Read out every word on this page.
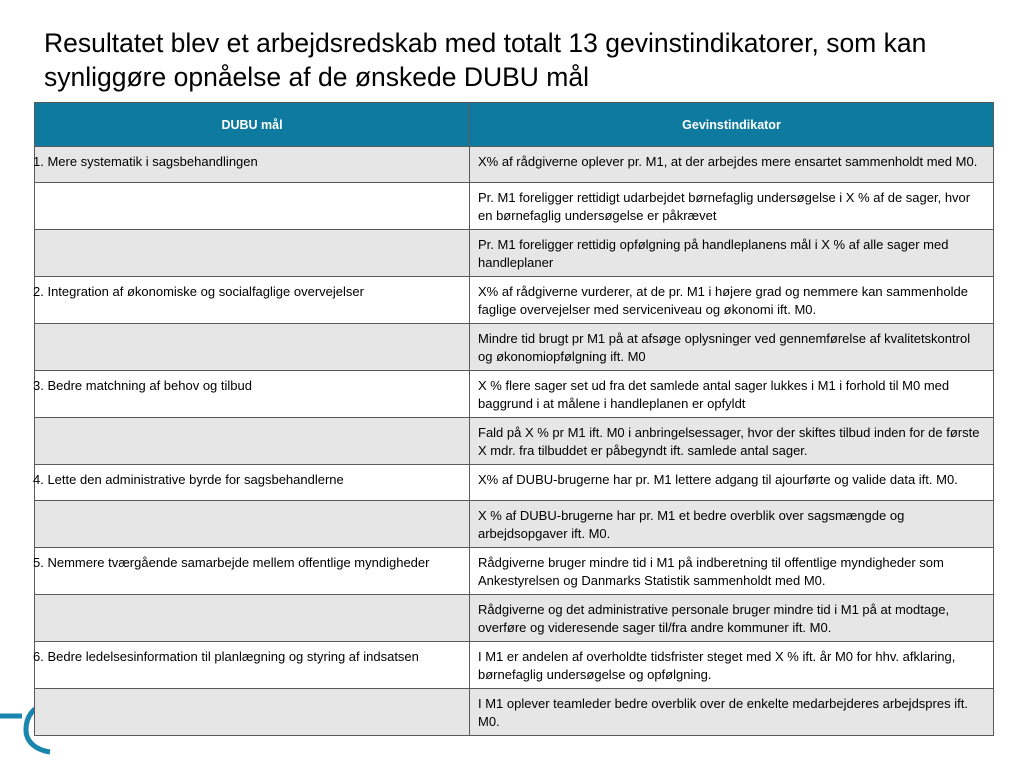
Resultatet blev et arbejdsredskab med totalt 13 gevinstindikatorer, som kan synliggøre opnåelse af de ønskede DUBU mål
DUBU mål	Gevinstindikator
1. Mere systematik i sagsbehandlingen	X% af rådgiverne oplever pr. M1, at der arbejdes mere ensartet sammenholdt med M0.
	Pr. M1 foreligger rettidigt udarbejdet børnefaglig undersøgelse i X % af de sager, hvor en børnefaglig undersøgelse er påkrævet
	Pr. M1 foreligger rettidig opfølgning på handleplanens mål i X % af alle sager med handleplaner
2. Integration af økonomiske og socialfaglige overvejelser	X% af rådgiverne vurderer, at de pr. M1 i højere grad og nemmere kan sammenholde faglige overvejelser med serviceniveau og økonomi ift. M0.
	Mindre tid brugt pr M1 på at afsøge oplysninger ved gennemførelse af kvalitetskontrol og økonomiopfølgning ift. M0
3. Bedre matchning af behov og tilbud	X % flere sager set ud fra det samlede antal sager lukkes i M1 i forhold til M0 med baggrund i at målene i handleplanen er opfyldt
	Fald på X % pr M1 ift. M0 i anbringelsessager, hvor der skiftes tilbud inden for de første X mdr. fra tilbuddet er påbegyndt ift. samlede antal sager.
4. Lette den administrative byrde for sagsbehandlerne	X% af DUBU-brugerne har pr. M1 lettere adgang til ajourførte og valide data ift. M0.
	X % af DUBU-brugerne har pr. M1 et bedre overblik over sagsmængde og arbejdsopgaver ift. M0.
5. Nemmere tværgående samarbejde mellem offentlige myndigheder	Rådgiverne bruger mindre tid i M1 på indberetning til offentlige myndigheder som Ankestyrelsen og Danmarks Statistik sammenholdt med M0.
	Rådgiverne og det administrative personale bruger mindre tid i M1 på at modtage, overføre og videresende sager til/fra andre kommuner ift. M0.
6. Bedre ledelsesinformation til planlægning og styring af indsatsen	I M1 er andelen af overholdte tidsfrister steget med X % ift. år M0 for hhv. afklaring, børnefaglig undersøgelse og opfølgning.
	I M1 oplever teamleder bedre overblik over de enkelte medarbejderes arbejdspres ift. M0.
